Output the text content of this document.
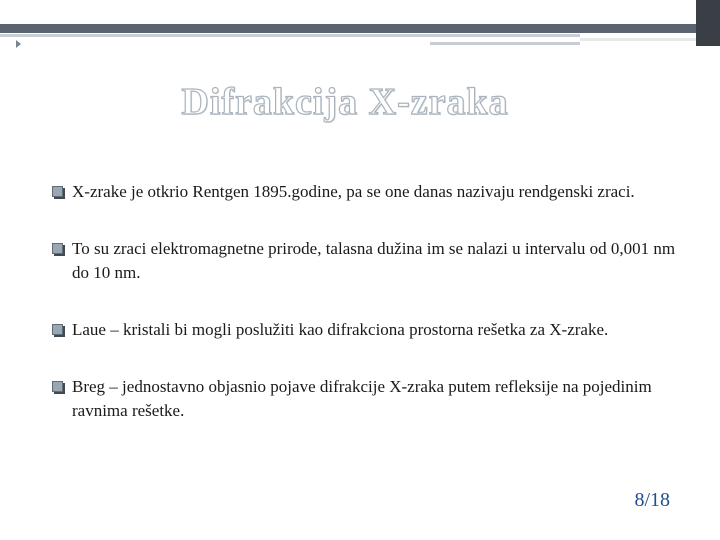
Difrakcija X-zraka
X-zrake je otkrio Rentgen 1895.godine, pa se one danas nazivaju rendgenski zraci.
To su zraci elektromagnetne prirode, talasna dužina im se nalazi u intervalu od 0,001 nm do 10 nm.
Laue – kristali bi mogli poslužiti kao difrakciona prostorna rešetka za X-zrake.
Breg – jednostavno objasnio pojave difrakcije X-zraka putem refleksije na pojedinim ravnima rešetke.
8/18
